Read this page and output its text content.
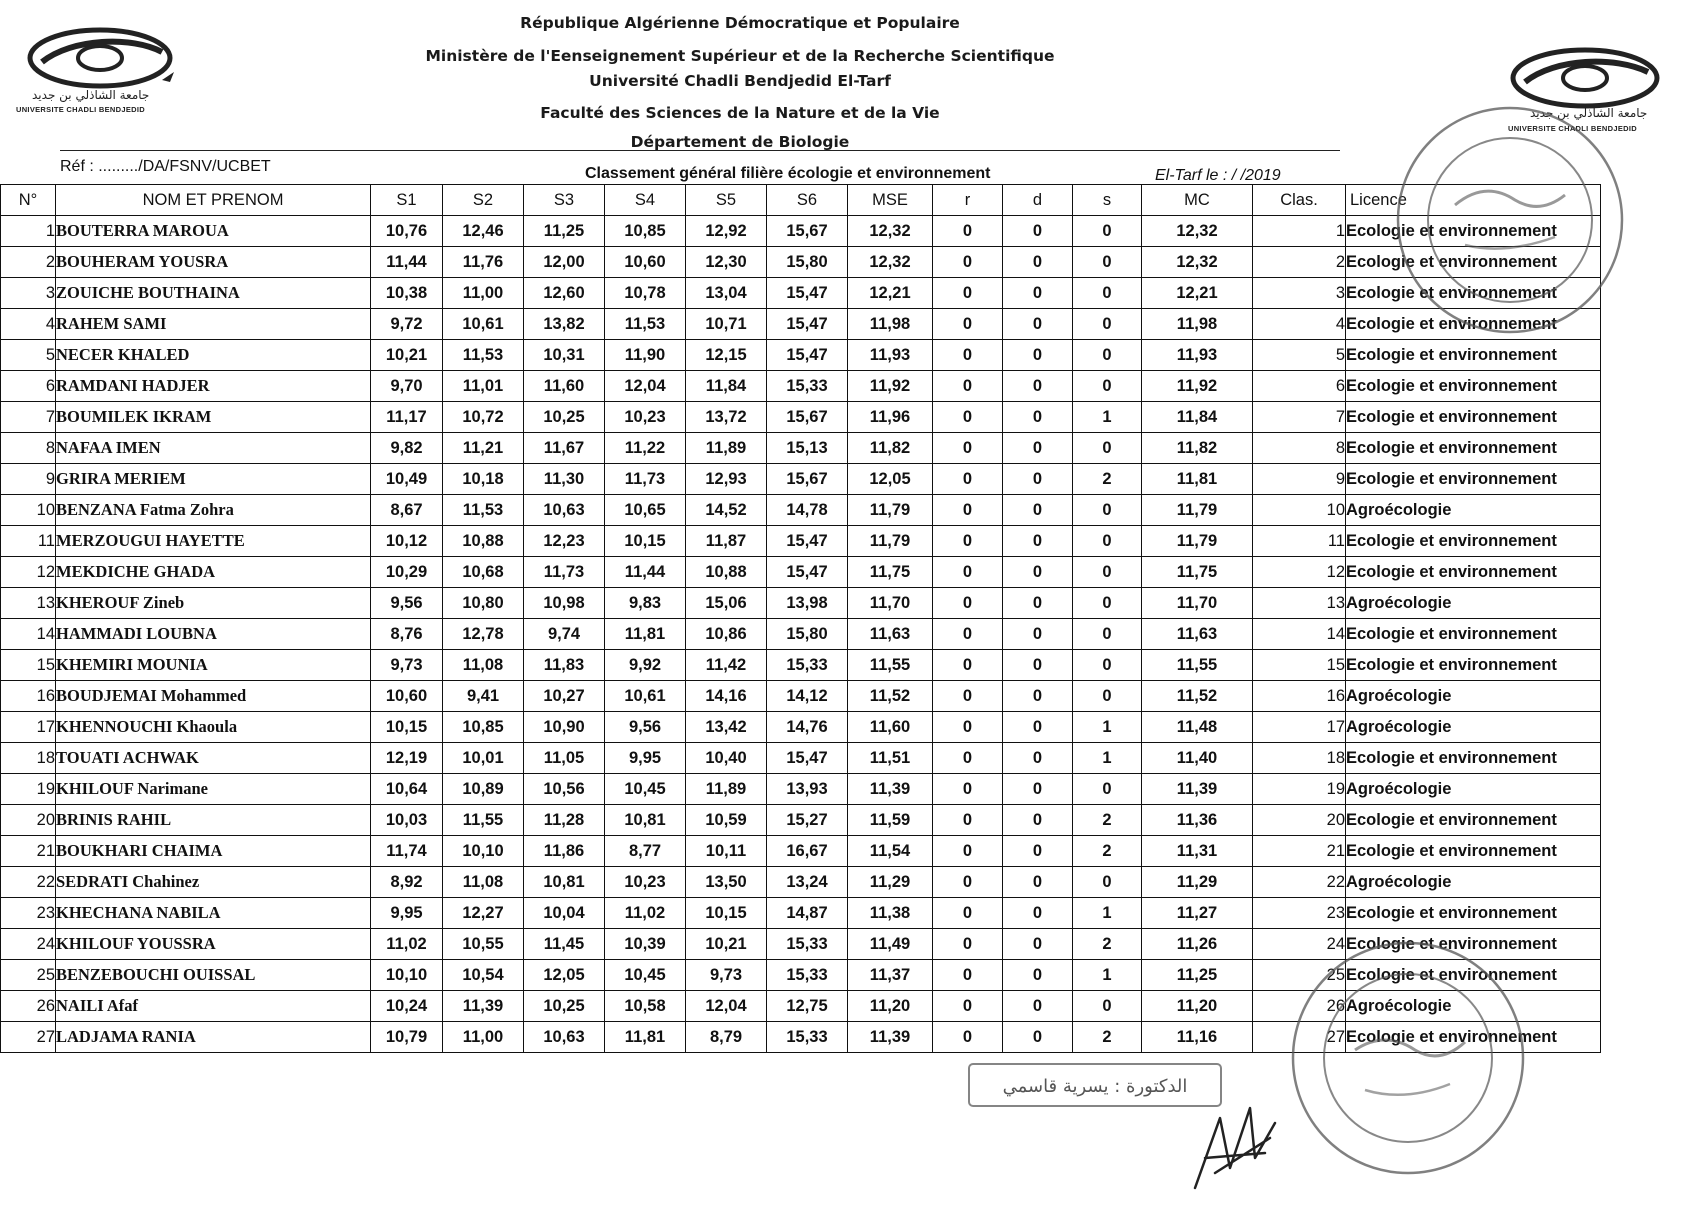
جامعة الشاذلي بن جديد
UNIVERSITE CHADLI BENDJEDID	جامعة الشاذلي بن جديد
UNIVERSITE CHADLI BENDJEDID
République Algérienne Démocratique et Populaire
Ministère de l'Eenseignement Supérieur et de la Recherche Scientifique
Université Chadli Bendjedid El-Tarf
Faculté des Sciences de la Nature et de la Vie
Département de Biologie
Réf : ........./DA/FSNV/UCBET	Classement général filière écologie et environnement	El-Tarf le : / /2019
N°	NOM ET PRENOM	S1	S2	S3	S4	S5	S6	MSE	r	d	s	MC	Clas.	Licence
1	BOUTERRA MAROUA	10,76	12,46	11,25	10,85	12,92	15,67	12,32	0	0	0	12,32	1	Ecologie et environnement
2	BOUHERAM YOUSRA	11,44	11,76	12,00	10,60	12,30	15,80	12,32	0	0	0	12,32	2	Ecologie et environnement
3	ZOUICHE BOUTHAINA	10,38	11,00	12,60	10,78	13,04	15,47	12,21	0	0	0	12,21	3	Ecologie et environnement
4	RAHEM SAMI	9,72	10,61	13,82	11,53	10,71	15,47	11,98	0	0	0	11,98	4	Ecologie et environnement
5	NECER KHALED	10,21	11,53	10,31	11,90	12,15	15,47	11,93	0	0	0	11,93	5	Ecologie et environnement
6	RAMDANI HADJER	9,70	11,01	11,60	12,04	11,84	15,33	11,92	0	0	0	11,92	6	Ecologie et environnement
7	BOUMILEK IKRAM	11,17	10,72	10,25	10,23	13,72	15,67	11,96	0	0	1	11,84	7	Ecologie et environnement
8	NAFAA IMEN	9,82	11,21	11,67	11,22	11,89	15,13	11,82	0	0	0	11,82	8	Ecologie et environnement
9	GRIRA MERIEM	10,49	10,18	11,30	11,73	12,93	15,67	12,05	0	0	2	11,81	9	Ecologie et environnement
10	BENZANA Fatma Zohra	8,67	11,53	10,63	10,65	14,52	14,78	11,79	0	0	0	11,79	10	Agroécologie
11	MERZOUGUI HAYETTE	10,12	10,88	12,23	10,15	11,87	15,47	11,79	0	0	0	11,79	11	Ecologie et environnement
12	MEKDICHE GHADA	10,29	10,68	11,73	11,44	10,88	15,47	11,75	0	0	0	11,75	12	Ecologie et environnement
13	KHEROUF Zineb	9,56	10,80	10,98	9,83	15,06	13,98	11,70	0	0	0	11,70	13	Agroécologie
14	HAMMADI LOUBNA	8,76	12,78	9,74	11,81	10,86	15,80	11,63	0	0	0	11,63	14	Ecologie et environnement
15	KHEMIRI MOUNIA	9,73	11,08	11,83	9,92	11,42	15,33	11,55	0	0	0	11,55	15	Ecologie et environnement
16	BOUDJEMAI Mohammed	10,60	9,41	10,27	10,61	14,16	14,12	11,52	0	0	0	11,52	16	Agroécologie
17	KHENNOUCHI Khaoula	10,15	10,85	10,90	9,56	13,42	14,76	11,60	0	0	1	11,48	17	Agroécologie
18	TOUATI ACHWAK	12,19	10,01	11,05	9,95	10,40	15,47	11,51	0	0	1	11,40	18	Ecologie et environnement
19	KHILOUF Narimane	10,64	10,89	10,56	10,45	11,89	13,93	11,39	0	0	0	11,39	19	Agroécologie
20	BRINIS RAHIL	10,03	11,55	11,28	10,81	10,59	15,27	11,59	0	0	2	11,36	20	Ecologie et environnement
21	BOUKHARI CHAIMA	11,74	10,10	11,86	8,77	10,11	16,67	11,54	0	0	2	11,31	21	Ecologie et environnement
22	SEDRATI Chahinez	8,92	11,08	10,81	10,23	13,50	13,24	11,29	0	0	0	11,29	22	Agroécologie
23	KHECHANA NABILA	9,95	12,27	10,04	11,02	10,15	14,87	11,38	0	0	1	11,27	23	Ecologie et environnement
24	KHILOUF YOUSSRA	11,02	10,55	11,45	10,39	10,21	15,33	11,49	0	0	2	11,26	24	Ecologie et environnement
25	BENZEBOUCHI OUISSAL	10,10	10,54	12,05	10,45	9,73	15,33	11,37	0	0	1	11,25	25	Ecologie et environnement
26	NAILI Afaf	10,24	11,39	10,25	10,58	12,04	12,75	11,20	0	0	0	11,20	26	Agroécologie
27	LADJAMA RANIA	10,79	11,00	10,63	11,81	8,79	15,33	11,39	0	0	2	11,16	27	Ecologie et environnement
الدكتورة : يسرية قاسمي
